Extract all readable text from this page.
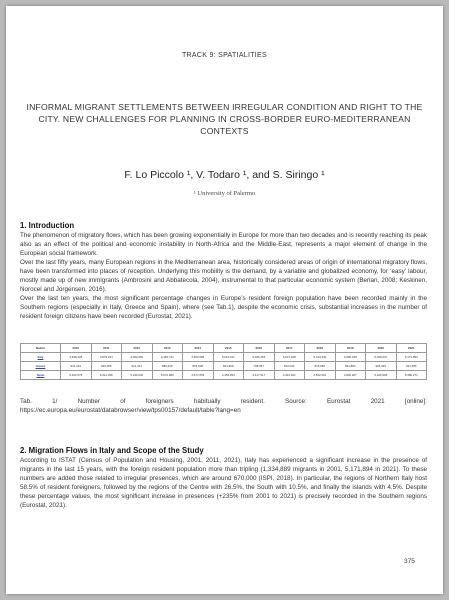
TRACK 9: SPATIALITIES
INFORMAL MIGRANT SETTLEMENTS BETWEEN IRREGULAR CONDITION AND RIGHT TO THE
CITY. NEW CHALLENGES FOR PLANNING IN CROSS-BORDER EURO-MEDITERRANEAN
CONTEXTS
F. Lo Piccolo ¹, V. Todaro ¹, and S. Siringo ¹
¹ University of Palermo
1. Introduction

The phenomenon of migratory flows, which has been growing exponentially in Europe for more than two decades and is recently reaching its peak also as an effect of the political and economic instability in North-Africa and the Middle-East, represents a major element of change in the European social framework.

Over the last fifty years, many European regions in the Mediterranean area, historically considered areas of origin of international migratory flows, have been transformed into places of reception. Underlying this mobility is the demand, by a variable and globalized economy, for ‘easy’ labour, mostly made up of new immigrants (Ambrosini and Abbatecola, 2004), instrumental to that particular economic system (Berlan, 2008; Keskinen, Norocel and Jorgensen, 2016).

Over the last ten years, the most significant percentage changes in Europe’s resident foreign population have been recorded mainly in the Southern regions (especially in Italy, Greece and Spain), where (see Tab.1), despite the economic crisis, substantial increases in the number of resident foreign citizens have been recorded (Eurostat, 2021).

Nation	2010	2011	2012	2013	2014	2015	2016	2017	2018	2019	2020	2021
Italy	3,648,128	3,879,224	4,052,081	4,387,721	4,922,085	5,014,437	5,026,153	5,047,028	5,144,440	4,996,158	5,039,637	5,171,894
Greece	921,424	926,285	921,447	886,433	854,008	821,969	798,357	810,034	816,059	831,882	906,345	921,485
Spain	5,402,579	5,211,038	5,236,030	5,072,680	4,677,059	4,454,354	4,417,517	4,419,621	4,562,962	4,840,207	5,226,906	5,380,271
Tab.	1/	Number	of	foreigners	habitually	resident.	Source:	Eurostat	2021	[online]:
https://ec.europa.eu/eurostat/databrowser/view/tps00157/default/table?lang=en
2. Migration Flows in Italy and Scope of the Study

According to ISTAT (Census of Population and Housing, 2001, 2011, 2021), Italy has experienced a significant increase in the presence of migrants in the last 15 years, with the foreign resident population more than tripling (1,334,889 migrants in 2001, 5,171,894 in 2021). To these numbers are added those related to irregular presences, which are around 670,000 (ISPI, 2018). In particular, the regions of Northern Italy host 58.5% of resident foreigners, followed by the regions of the Centre with 26.5%, the South with 10.5%, and finally the islands with 4.5%. Despite these percentage values, the most significant increase in presences (+235% from 2001 to 2021) is precisely recorded in the Southern regions (Eurostat, 2021).

375
